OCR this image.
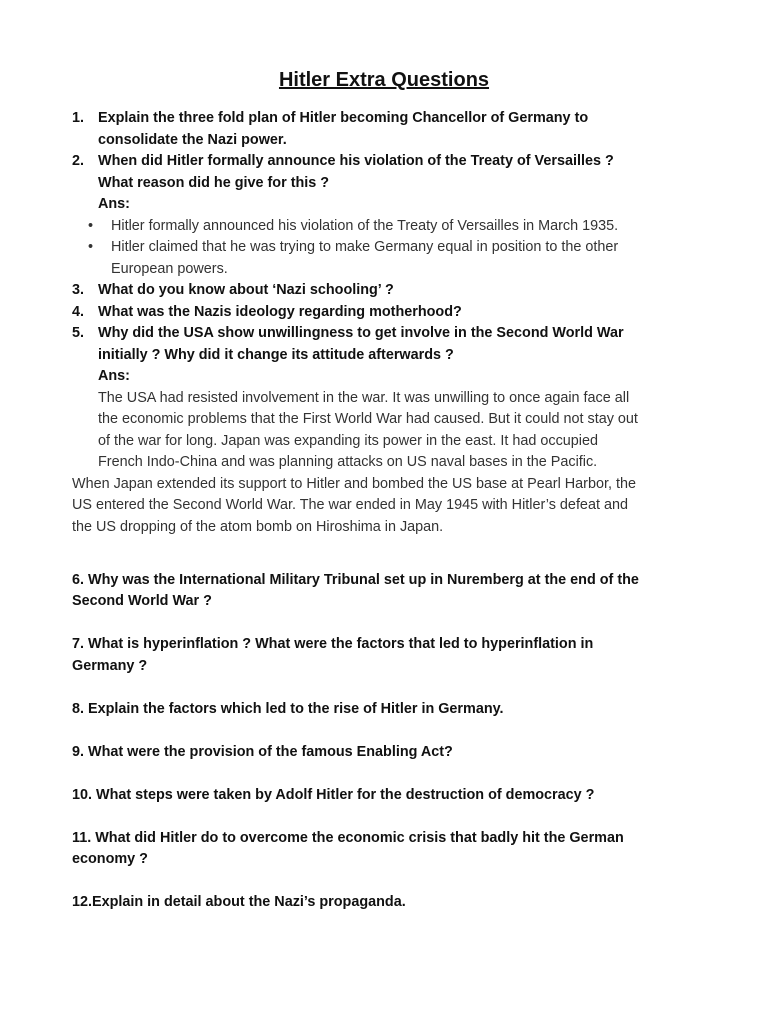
Hitler Extra Questions
1. Explain the three fold plan of Hitler becoming Chancellor of Germany to
consolidate the Nazi power.
2. When did Hitler formally announce his violation of the Treaty of Versailles ?
What reason did he give for this ?
Ans:
• Hitler formally announced his violation of the Treaty of Versailles in March 1935.
• Hitler claimed that he was trying to make Germany equal in position to the other
European powers.
3. What do you know about ‘Nazi schooling’ ?
4. What was the Nazis ideology regarding motherhood?
5. Why did the USA show unwillingness to get involve in the Second World War
initially ? Why did it change its attitude afterwards ?
Ans:
The USA had resisted involvement in the war. It was unwilling to once again face all
the economic problems that the First World War had caused. But it could not stay out
of the war for long. Japan was expanding its power in the east. It had occupied
French Indo-China and was planning attacks on US naval bases in the Pacific.
When Japan extended its support to Hitler and bombed the US base at Pearl Harbor, the
US entered the Second World War. The war ended in May 1945 with Hitler’s defeat and
the US dropping of the atom bomb on Hiroshima in Japan.
6. Why was the International Military Tribunal set up in Nuremberg at the end of the
Second World War ?
7. What is hyperinflation ? What were the factors that led to hyperinflation in
Germany ?
8. Explain the factors which led to the rise of Hitler in Germany.
9. What were the provision of the famous Enabling Act?
10. What steps were taken by Adolf Hitler for the destruction of democracy ?
11. What did Hitler do to overcome the economic crisis that badly hit the German
economy ?
12.Explain in detail about the Nazi’s propaganda.
